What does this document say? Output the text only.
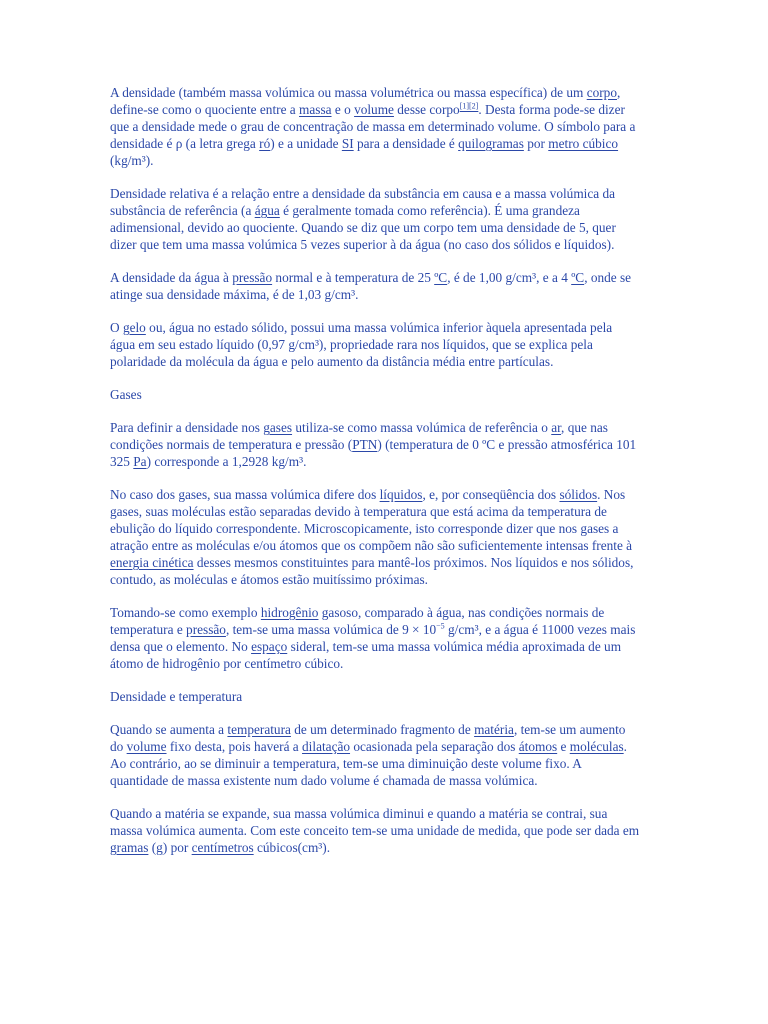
A densidade (também massa volúmica ou massa volumétrica ou massa específica) de um corpo, define-se como o quociente entre a massa e o volume desse corpo[1][2]. Desta forma pode-se dizer que a densidade mede o grau de concentração de massa em determinado volume. O símbolo para a densidade é ρ (a letra grega ró) e a unidade SI para a densidade é quilogramas por metro cúbico (kg/m³).

Densidade relativa é a relação entre a densidade da substância em causa e a massa volúmica da substância de referência (a água é geralmente tomada como referência). É uma grandeza adimensional, devido ao quociente. Quando se diz que um corpo tem uma densidade de 5, quer dizer que tem uma massa volúmica 5 vezes superior à da água (no caso dos sólidos e líquidos).

A densidade da água à pressão normal e à temperatura de 25 ºC, é de 1,00 g/cm³, e a 4 ºC, onde se atinge sua densidade máxima, é de 1,03 g/cm³.

O gelo ou, água no estado sólido, possui uma massa volúmica inferior àquela apresentada pela água em seu estado líquido (0,97 g/cm³), propriedade rara nos líquidos, que se explica pela polaridade da molécula da água e pelo aumento da distância média entre partículas.

Gases

Para definir a densidade nos gases utiliza-se como massa volúmica de referência o ar, que nas condições normais de temperatura e pressão (PTN) (temperatura de 0 ºC e pressão atmosférica 101 325 Pa) corresponde a 1,2928 kg/m³.

No caso dos gases, sua massa volúmica difere dos líquidos, e, por conseqüência dos sólidos. Nos gases, suas moléculas estão separadas devido à temperatura que está acima da temperatura de ebulição do líquido correspondente. Microscopicamente, isto corresponde dizer que nos gases a atração entre as moléculas e/ou átomos que os compõem não são suficientemente intensas frente à energia cinética desses mesmos constituintes para mantê-los próximos. Nos líquidos e nos sólidos, contudo, as moléculas e átomos estão muitíssimo próximas.

Tomando-se como exemplo hidrogênio gasoso, comparado à água, nas condições normais de temperatura e pressão, tem-se uma massa volúmica de $9 \times 10^{-5}$ g/cm³, e a água é 11000 vezes mais densa que o elemento. No espaço sideral, tem-se uma massa volúmica média aproximada de um átomo de hidrogênio por centímetro cúbico.

Densidade e temperatura

Quando se aumenta a temperatura de um determinado fragmento de matéria, tem-se um aumento do volume fixo desta, pois haverá a dilatação ocasionada pela separação dos átomos e moléculas. Ao contrário, ao se diminuir a temperatura, tem-se uma diminuição deste volume fixo. A quantidade de massa existente num dado volume é chamada de massa volúmica.

Quando a matéria se expande, sua massa volúmica diminui e quando a matéria se contrai, sua massa volúmica aumenta. Com este conceito tem-se uma unidade de medida, que pode ser dada em gramas (g) por centímetros cúbicos(cm³).
